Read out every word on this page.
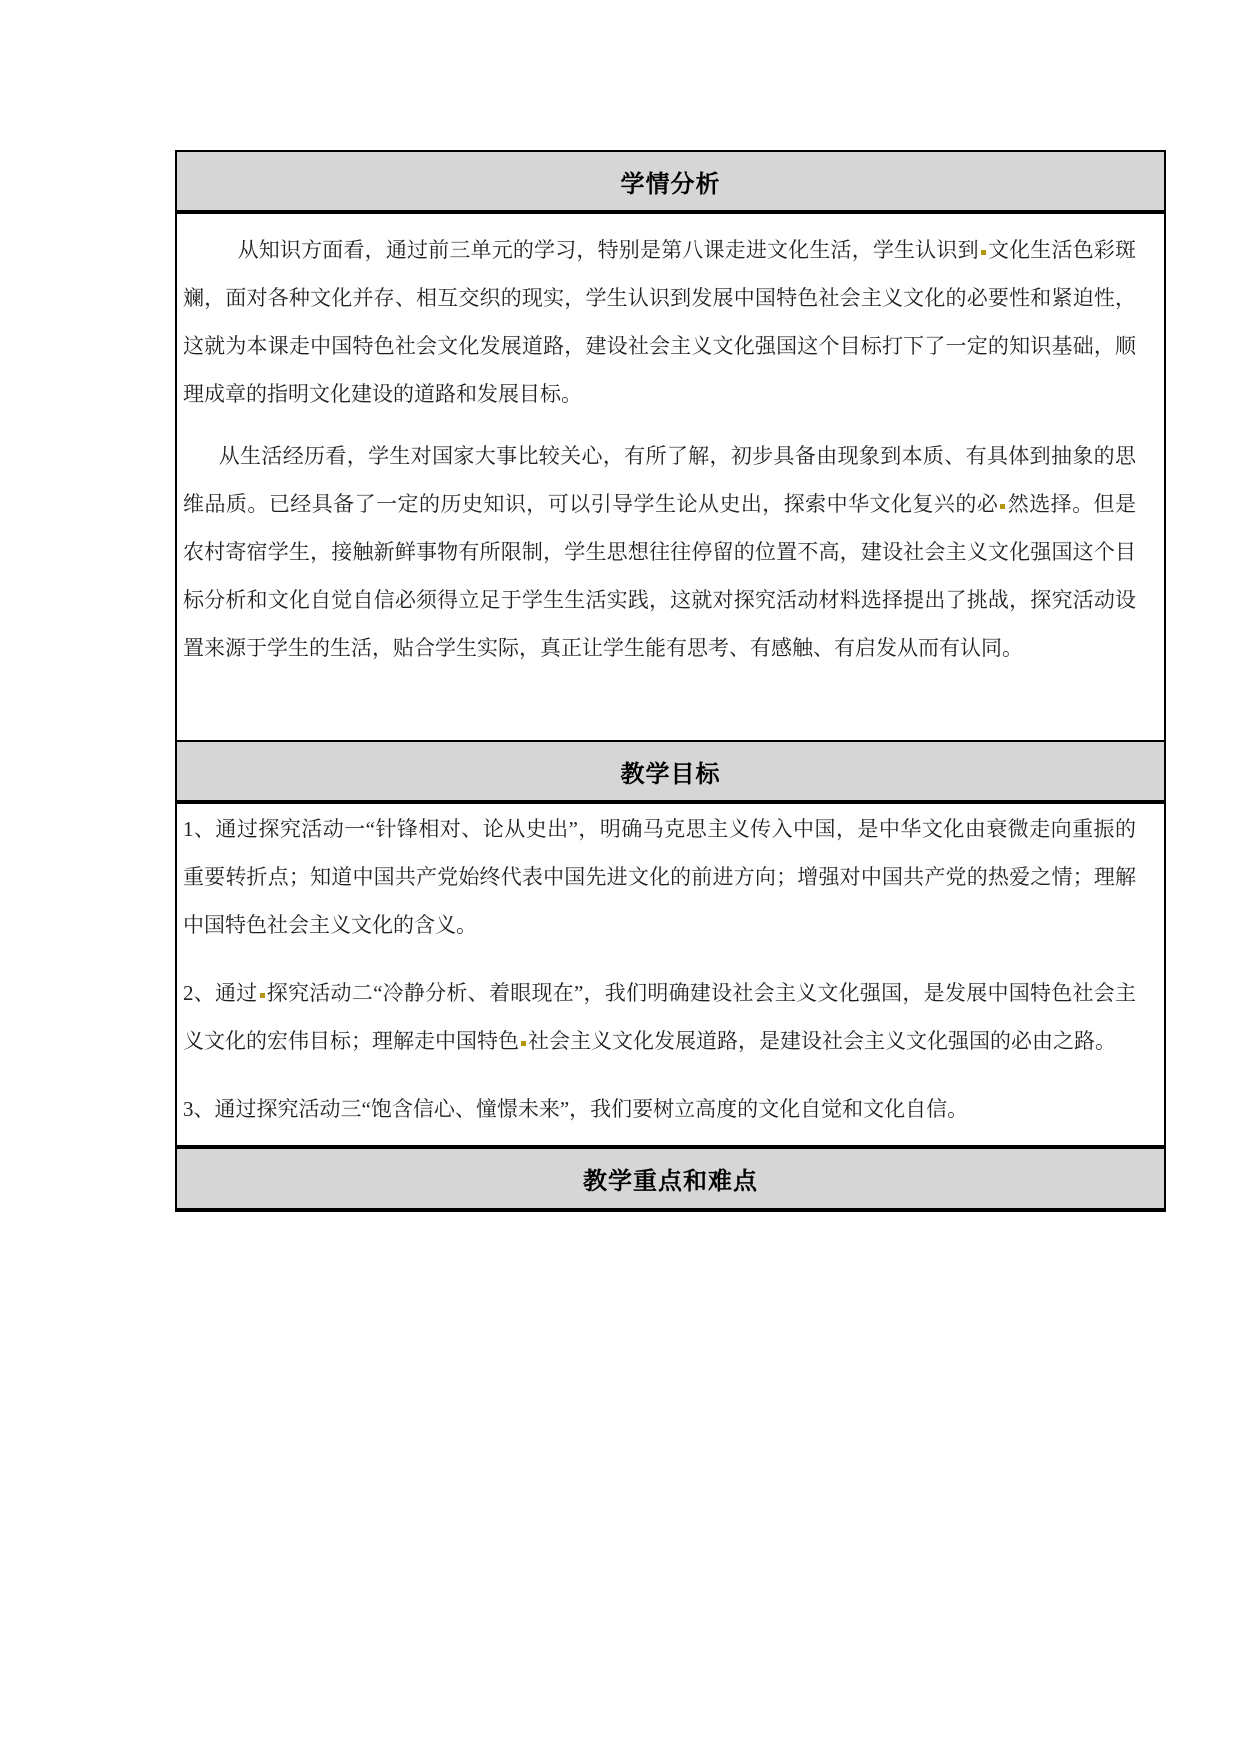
学情分析

从知识方面看，通过前三单元的学习，特别是第八课走进文化生活，学生认识到 文化生活色彩斑斓，面对各种文化并存、相互交织的现实，学生认识到发展中国特色社会主义文化的必要性和紧迫性，这就为本课走中国特色社会文化发展道路，建设社会主义文化强国这个目标打下了一定的知识基础，顺理成章的指明文化建设的道路和发展目标。

从生活经历看，学生对国家大事比较关心，有所了解，初步具备由现象到本质、有具体到抽象的思维品质。已经具备了一定的历史知识，可以引导学生论从史出，探索中华文化复兴的必 然选择。但是农村寄宿学生，接触新鲜事物有所限制，学生思想往往停留的位置不高，建设社会主义文化强国这个目标分析和文化自觉自信必须得立足于学生生活实践，这就对探究活动材料选择提出了挑战，探究活动设置来源于学生的生活，贴合学生实际，真正让学生能有思考、有感触、有启发从而有认同。

教学目标

1、通过探究活动一“针锋相对、论从史出”，明确马克思主义传入中国，是中华文化由衰微走向重振的重要转折点；知道中国共产党始终代表中国先进文化的前进方向；增强对中国共产党的热爱之情；理解中国特色社会主义文化的含义。

2、通过 探究活动二“冷静分析、着眼现在”，我们明确建设社会主义文化强国，是发展中国特色社会主义文化的宏伟目标；理解走中国特色 社会主义文化发展道路，是建设社会主义文化强国的必由之路。

3、通过探究活动三“饱含信心、憧憬未来”，我们要树立高度的文化自觉和文化自信。

教学重点和难点
